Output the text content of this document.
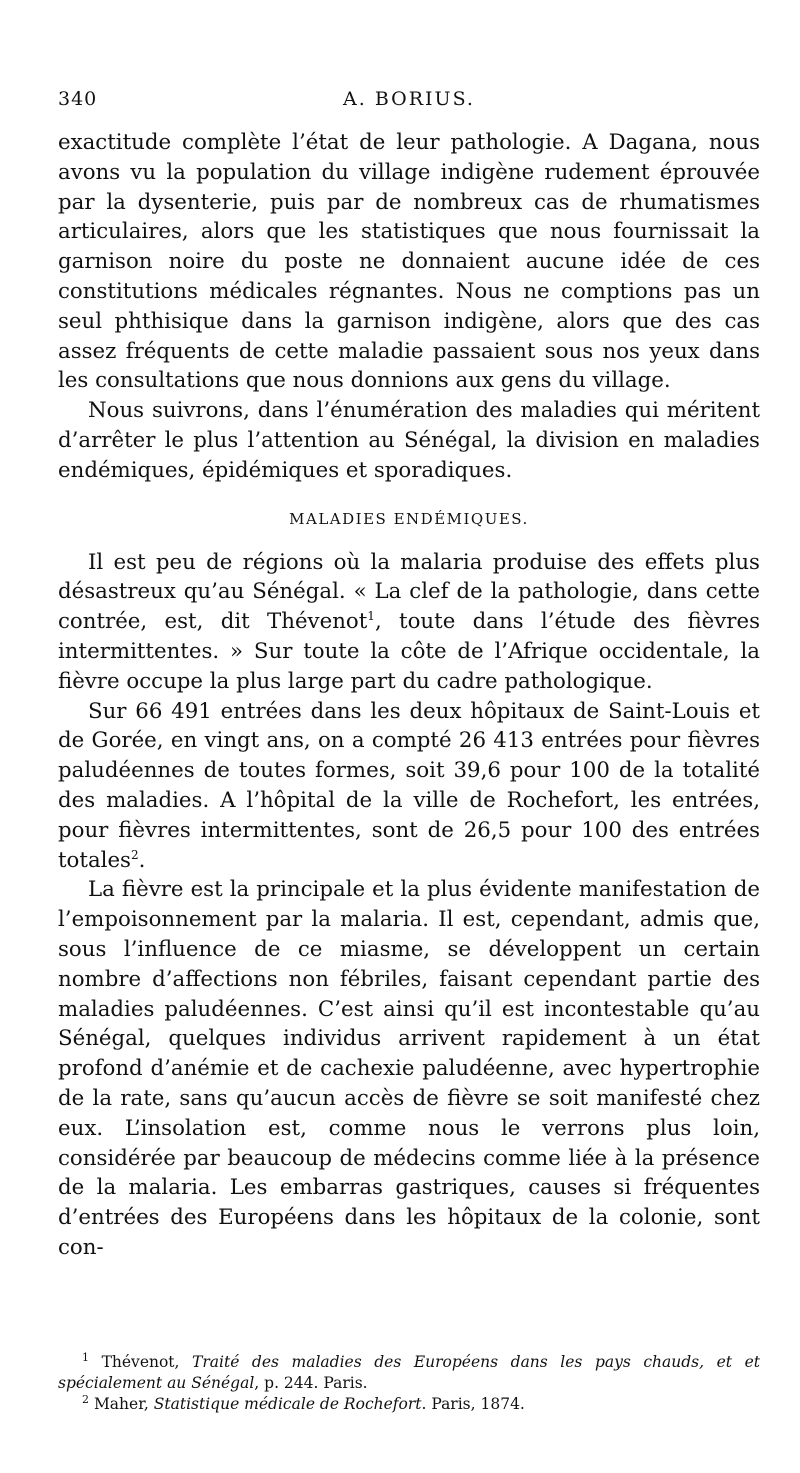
340	A. BORIUS.

exactitude complète l’état de leur pathologie. A Dagana, nous avons vu la population du village indigène rudement éprouvée par la dysenterie, puis par de nombreux cas de rhumatismes articulaires, alors que les statistiques que nous fournissait la garnison noire du poste ne donnaient aucune idée de ces constitutions médicales régnantes. Nous ne comptions pas un seul phthisique dans la garnison indigène, alors que des cas assez fréquents de cette maladie passaient sous nos yeux dans les consultations que nous donnions aux gens du village.

Nous suivrons, dans l’énumération des maladies qui méritent d’arrêter le plus l’attention au Sénégal, la division en maladies endémiques, épidémiques et sporadiques.

MALADIES ENDÉMIQUES.

Il est peu de régions où la malaria produise des effets plus désastreux qu’au Sénégal. « La clef de la pathologie, dans cette contrée, est, dit Thévenot$^1$, toute dans l’étude des fièvres intermittentes. » Sur toute la côte de l’Afrique occidentale, la fièvre occupe la plus large part du cadre pathologique.

Sur 66 491 entrées dans les deux hôpitaux de Saint-Louis et de Gorée, en vingt ans, on a compté 26 413 entrées pour fièvres paludéennes de toutes formes, soit 39,6 pour 100 de la totalité des maladies. A l’hôpital de la ville de Rochefort, les entrées, pour fièvres intermittentes, sont de 26,5 pour 100 des entrées totales$^2$.

La fièvre est la principale et la plus évidente manifestation de l’empoisonnement par la malaria. Il est, cependant, admis que, sous l’influence de ce miasme, se développent un certain nombre d’affections non fébriles, faisant cependant partie des maladies paludéennes. C’est ainsi qu’il est incontestable qu’au Sénégal, quelques individus arrivent rapidement à un état profond d’anémie et de cachexie paludéenne, avec hypertrophie de la rate, sans qu’aucun accès de fièvre se soit manifesté chez eux. L’insolation est, comme nous le verrons plus loin, considérée par beaucoup de médecins comme liée à la présence de la malaria. Les embarras gastriques, causes si fréquentes d’entrées des Européens dans les hôpitaux de la colonie, sont con-

$^1$ Thévenot, Traité des maladies des Européens dans les pays chauds, et et spécialement au Sénégal, p. 244. Paris.

$^2$ Maher, Statistique médicale de Rochefort. Paris, 1874.
